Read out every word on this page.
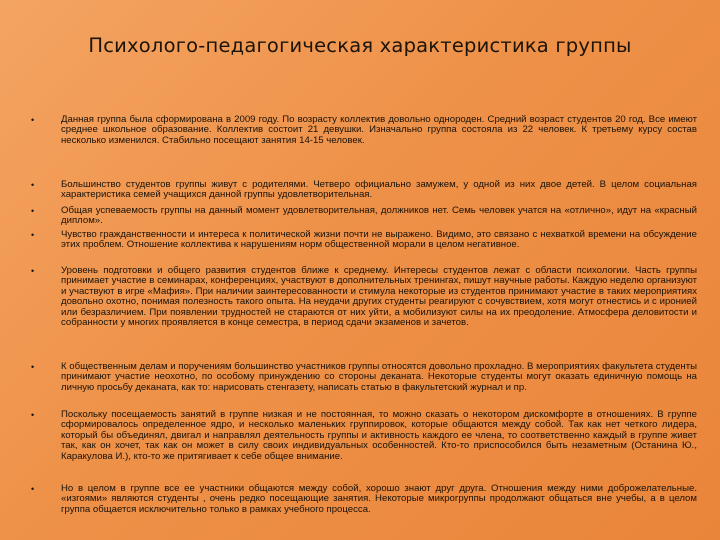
Психолого-педагогическая характеристика группы
•	Данная группа была сформирована в 2009 году. По возрасту коллектив довольно однороден. Средний возраст студентов 20 год. Все имеют среднее школьное образование. Коллектив состоит 21 девушки. Изначально группа состояла из 22 человек. К третьему курсу состав несколько изменился. Стабильно посещают занятия 14-15 человек.
•	Большинство студентов группы живут с родителями. Четверо официально замужем, у одной из них двое детей. В целом социальная характеристика семей учащихся данной группы удовлетворительная.
•	Общая успеваемость группы на данный момент удовлетворительная, должников нет. Семь человек учатся на «отлично», идут на «красный диплом».
•	Чувство гражданственности и интереса к политической жизни почти не выражено. Видимо, это связано с нехваткой времени на обсуждение этих проблем. Отношение коллектива к нарушениям норм общественной морали в целом негативное.
•	Уровень подготовки и общего развития студентов ближе к среднему. Интересы студентов лежат с области психологии. Часть группы принимает участие в семинарах, конференциях, участвуют в дополнительных тренингах, пишут научные работы. Каждую неделю организуют и участвуют в игре «Мафия». При наличии заинтересованности и стимула некоторые из студентов принимают участие в таких мероприятиях довольно охотно, понимая полезность такого опыта. На неудачи других студенты реагируют с сочувствием, хотя могут отнестись и с иронией или безразличием. При появлении трудностей не стараются от них уйти, а мобилизуют силы на их преодоление. Атмосфера деловитости и собранности у многих проявляется в конце семестра, в период сдачи экзаменов и зачетов.
•	К общественным делам и поручениям большинство участников группы относятся довольно прохладно. В мероприятиях факультета студенты принимают участие неохотно, по особому принуждению со стороны деканата. Некоторые студенты могут оказать единичную помощь на личную просьбу деканата, как то: нарисовать стенгазету, написать статью в факультетский журнал и пр.
•	Поскольку посещаемость занятий в группе низкая и не постоянная, то можно сказать о некотором дискомфорте в отношениях. В группе сформировалось определенное ядро, и несколько маленьких группировок, которые общаются между собой. Так как нет четкого лидера, который бы объединял, двигал и направлял деятельность группы и активность каждого ее члена, то соответственно каждый в группе живет так, как он хочет, так как он может в силу своих индивидуальных особенностей. Кто-то приспособился быть незаметным (Останина Ю., Каракулова И.), кто-то же притягивает к себе общее внимание.
•	Но в целом в группе все ее участники общаются между собой, хорошо знают друг друга. Отношения между ними доброжелательные. «изгоями» являются студенты , очень редко посещающие занятия. Некоторые микрогруппы продолжают общаться вне учебы, а в целом группа общается исключительно только в рамках учебного процесса.
